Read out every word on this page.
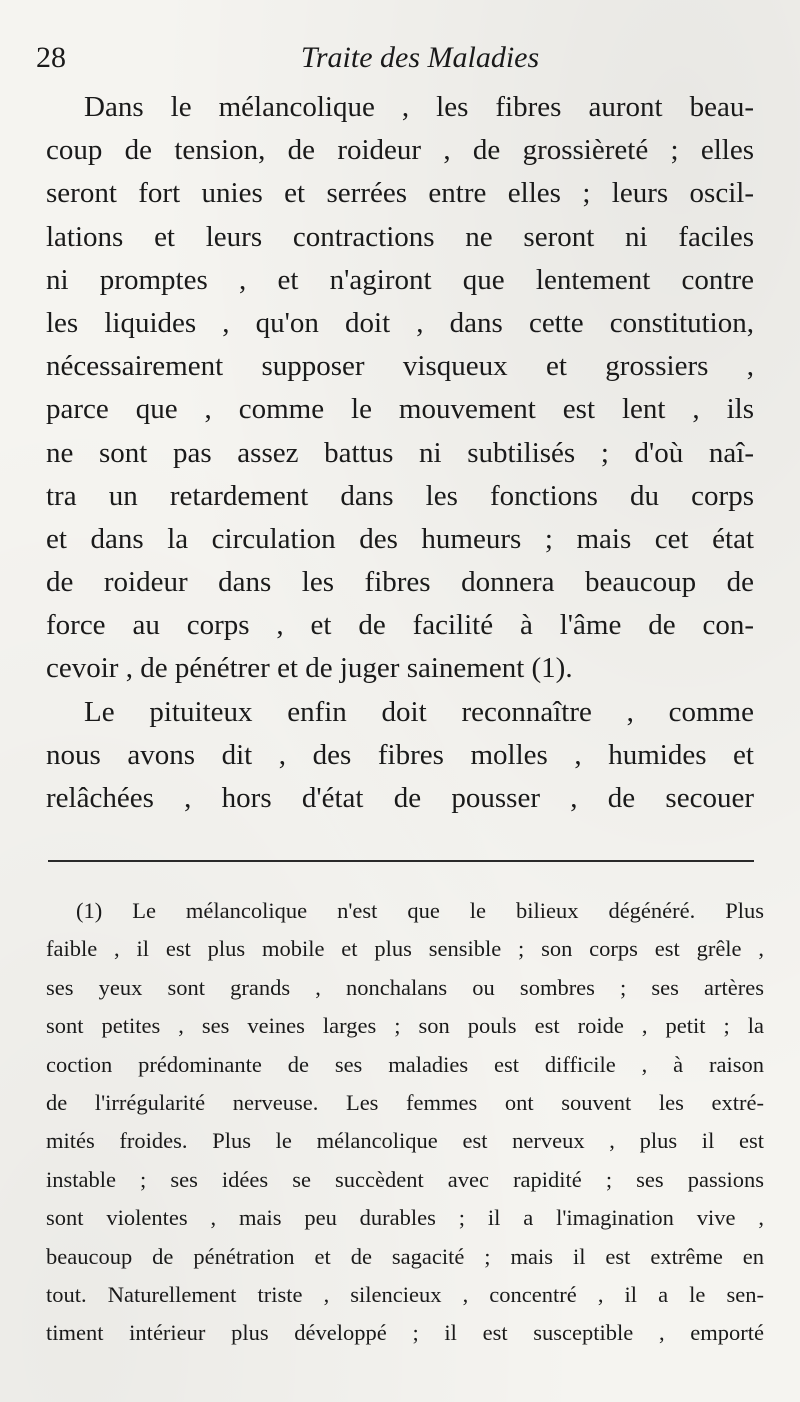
28	Traite des Maladies
Dans le mélancolique , les fibres auront beau-
coup de tension, de roideur , de grossièreté ; elles
seront fort unies et serrées entre elles ; leurs oscil-
lations et leurs contractions ne seront ni faciles
ni promptes , et n'agiront que lentement contre
les liquides , qu'on doit , dans cette constitution,
nécessairement supposer visqueux et grossiers ,
parce que , comme le mouvement est lent , ils
ne sont pas assez battus ni subtilisés ; d'où naî-
tra un retardement dans les fonctions du corps
et dans la circulation des humeurs ; mais cet état
de roideur dans les fibres donnera beaucoup de
force au corps , et de facilité à l'âme de con-
cevoir , de pénétrer et de juger sainement (1).
Le pituiteux enfin doit reconnaître , comme
nous avons dit , des fibres molles , humides et
relâchées , hors d'état de pousser , de secouer
(1) Le mélancolique n'est que le bilieux dégénéré. Plus
faible , il est plus mobile et plus sensible ; son corps est grêle ,
ses yeux sont grands , nonchalans ou sombres ; ses artères
sont petites , ses veines larges ; son pouls est roide , petit ; la
coction prédominante de ses maladies est difficile , à raison
de l'irrégularité nerveuse. Les femmes ont souvent les extré-
mités froides. Plus le mélancolique est nerveux , plus il est
instable ; ses idées se succèdent avec rapidité ; ses passions
sont violentes , mais peu durables ; il a l'imagination vive ,
beaucoup de pénétration et de sagacité ; mais il est extrême en
tout. Naturellement triste , silencieux , concentré , il a le sen-
timent intérieur plus développé ; il est susceptible , emporté
